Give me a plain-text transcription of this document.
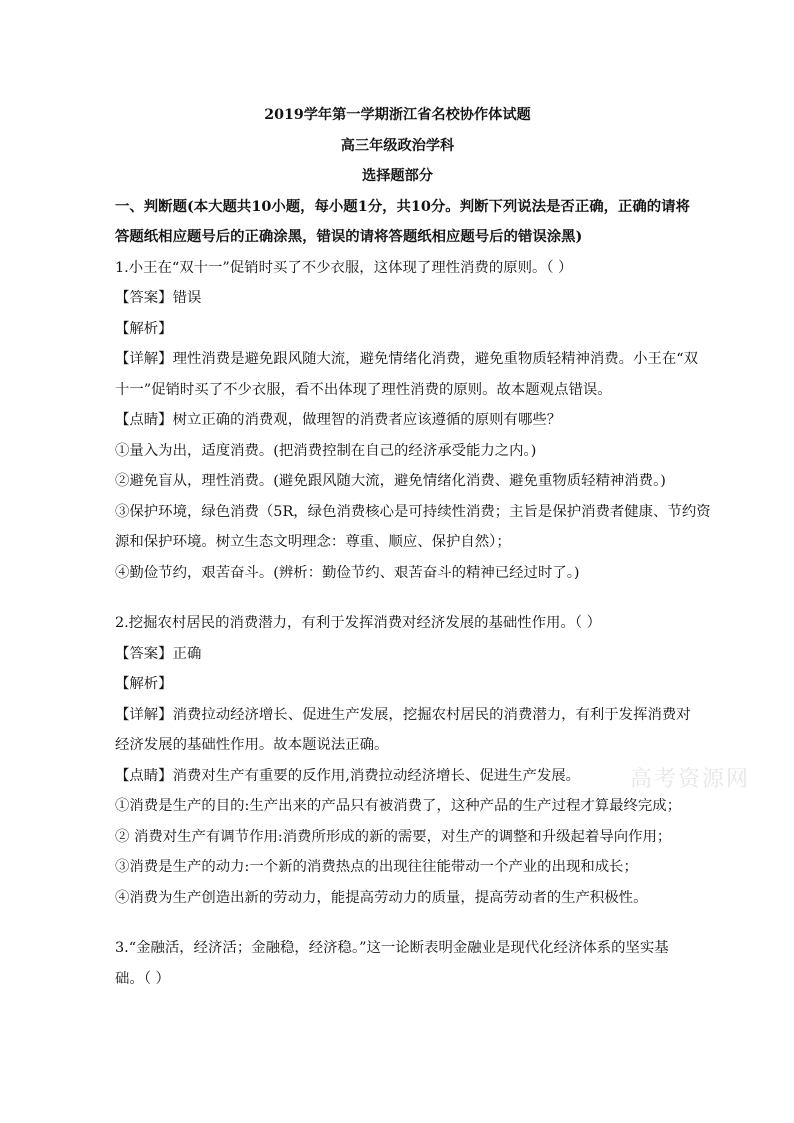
2019学年第一学期浙江省名校协作体试题
高三年级政治学科
选择题部分
一、判断题(本大题共10小题，每小题1分，共10分。判断下列说法是否正确，正确的请将
答题纸相应题号后的正确涂黑，错误的请将答题纸相应题号后的错误涂黑)
1.小王在“双十一”促销时买了不少衣服，这体现了理性消费的原则。（ ）
【答案】错误
【解析】
【详解】理性消费是避免跟风随大流，避免情绪化消费，避免重物质轻精神消费。小王在“双
十一”促销时买了不少衣服，看不出体现了理性消费的原则。故本题观点错误。
【点睛】树立正确的消费观，做理智的消费者应该遵循的原则有哪些？
①量入为出，适度消费。(把消费控制在自己的经济承受能力之内。)
②避免盲从，理性消费。(避免跟风随大流，避免情绪化消费、避免重物质轻精神消费。)
③保护环境，绿色消费（5R，绿色消费核心是可持续性消费；主旨是保护消费者健康、节约资
源和保护环境。树立生态文明理念：尊重、顺应、保护自然）；
④勤俭节约，艰苦奋斗。(辨析：勤俭节约、艰苦奋斗的精神已经过时了。)
2.挖掘农村居民的消费潜力，有利于发挥消费对经济发展的基础性作用。（ ）
【答案】正确
【解析】
【详解】消费拉动经济增长、促进生产发展，挖掘农村居民的消费潜力，有利于发挥消费对
经济发展的基础性作用。故本题说法正确。
【点睛】消费对生产有重要的反作用,消费拉动经济增长、促进生产发展。
①消费是生产的目的:生产出来的产品只有被消费了，这种产品的生产过程才算最终完成；
② 消费对生产有调节作用:消费所形成的新的需要，对生产的调整和升级起着导向作用；
③消费是生产的动力:一个新的消费热点的出现往往能带动一个产业的出现和成长；
④消费为生产创造出新的劳动力，能提高劳动力的质量，提高劳动者的生产积极性。
3.“金融活，经济活；金融稳，经济稳。”这一论断表明金融业是现代化经济体系的坚实基
础。（ ）
高考资源网
